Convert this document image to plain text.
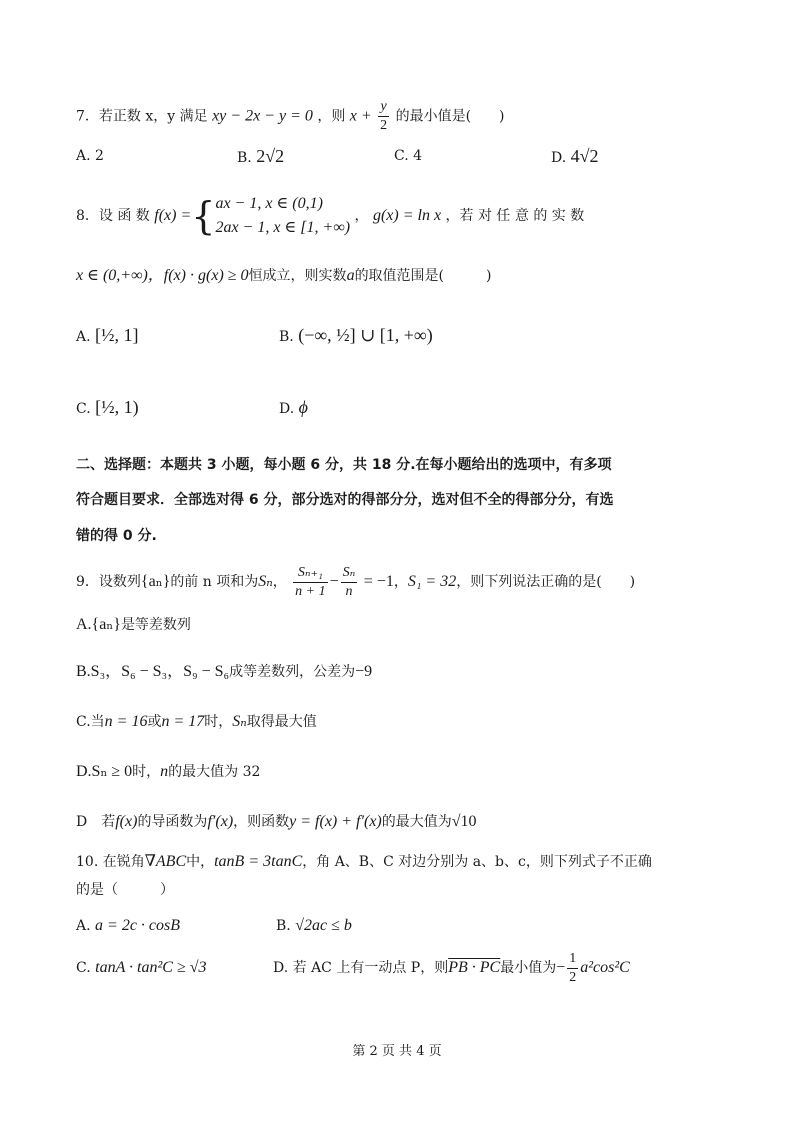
7．若正数 x，y 满足 xy − 2x − y = 0 ，则 $x + \frac{y}{2}$ 的最小值是(　　)
A. 2	B. 2√2	C. 4	D. 4√2
8．设 函 数 f(x) ={ ax − 1, x ∈ (0,1)
2ax − 1, x ∈ [1, +∞)
， g(x) = ln x ，若 对 任 意 的 实 数
x ∈ (0,+∞)，f(x) · g(x) ≥ 0恒成立，则实数a的取值范围是(　　　)
A. [½, 1]	B. (−∞, ½] ∪ [1, +∞)
C. [½, 1)	D. ϕ
二、选择题：本题共 3 小题，每小题 6 分，共 18 分.在每小题给出的选项中，有多项
符合题目要求．全部选对得 6 分，部分选对的得部分分，选对但不全的得部分分，有选
错的得 0 分.
9．设数列{aₙ}的前 n 项和为Sₙ， $\frac{\text{Sₙ₊₁}}{n + 1} - \frac{\text{Sₙ}}{n} = -1$，S₁ = 32，则下列说法正确的是(　　)
A.{aₙ}是等差数列
B.S₃，S₆ − S₃，S₉ − S₆成等差数列，公差为−9
C.当n = 16或n = 17时，Sₙ取得最大值
D.Sₙ ≥ 0时，n的最大值为 32
D　若f(x)的导函数为f′(x)，则函数y = f(x) + f′(x)的最大值为√10
10. 在锐角∇ABC中，tanB = 3tanC，角 A、B、C 对边分别为 a、b、c，则下列式子不正确
的是（　　　）
A. a = 2c · cosB	B. √2ac ≤ b
C. tanA · tan²C ≥ √3	D. 若 AC 上有一动点 P，则PB · PC最小值为− $\frac{1}{2} a^2\cos^2C$
第 2 页 共 4 页
